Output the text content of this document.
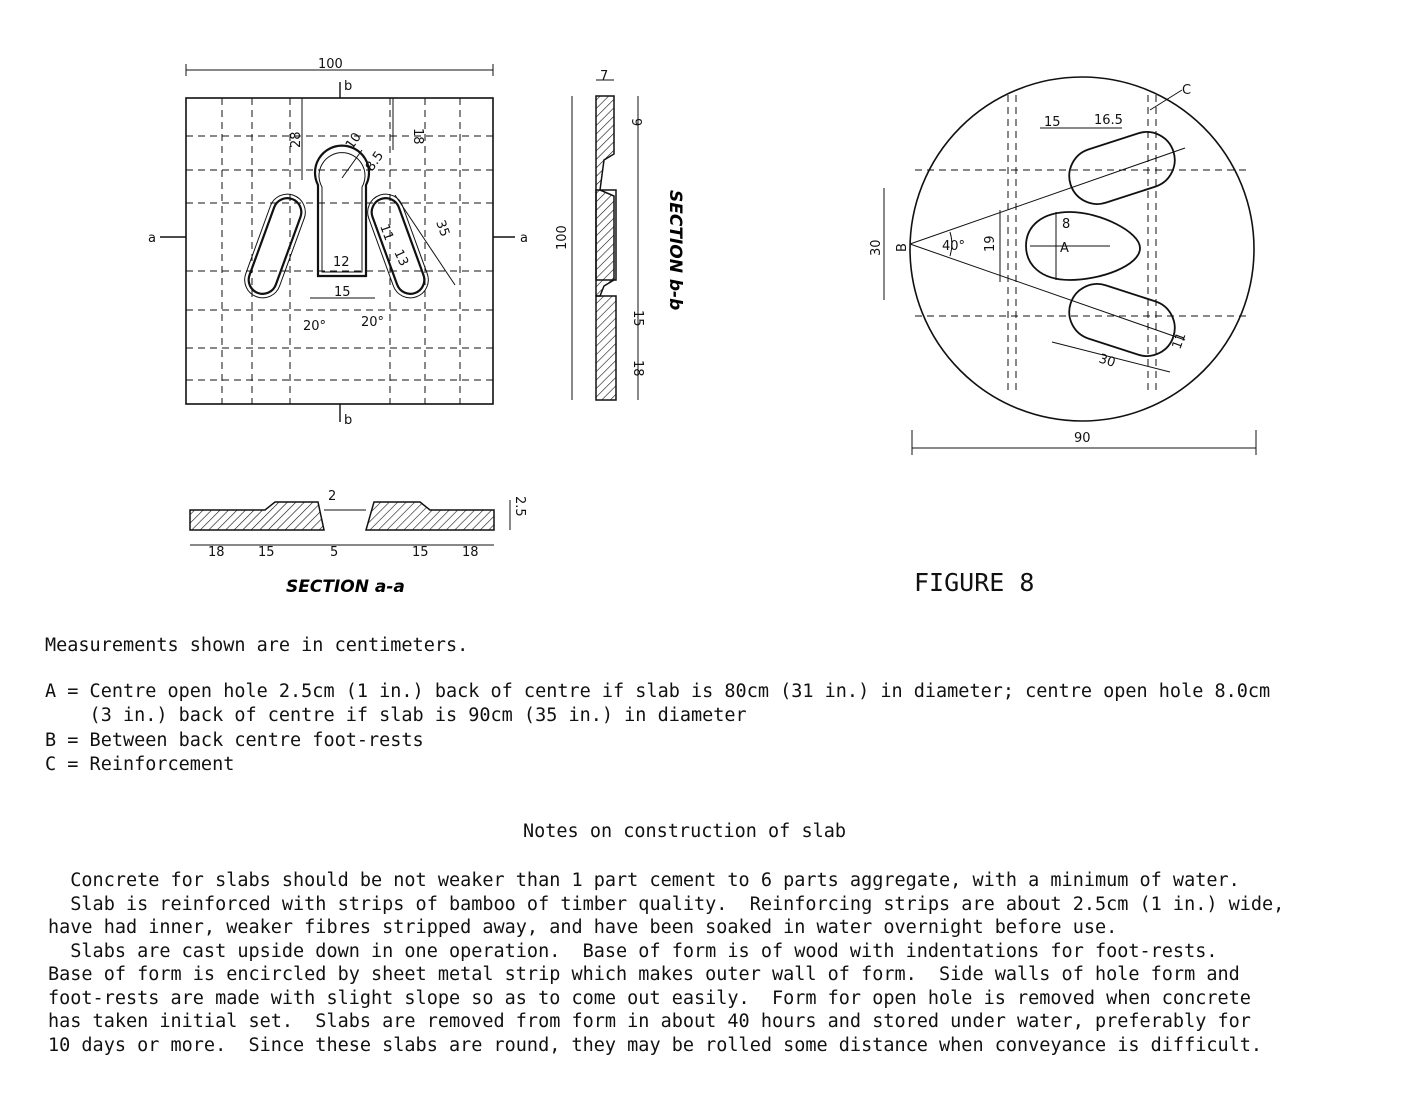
100
b
b
a	a
28	18
10
8.5
12
15
35
11
13
20°	20°
7
9
100
15
18
SECTION b-b
18	15	5
2
15	18
2.5
SECTION a-a
90
30
15	16.5
19
8
30
11
40°	A
B
C
FIGURE 8
Measurements shown are in centimeters.
A = Centre open hole 2.5cm (1 in.) back of centre if slab is 80cm (31 in.) in diameter; centre open hole 8.0cm
(3 in.) back of centre if slab is 90cm (35 in.) in diameter
B = Between back centre foot-rests
C = Reinforcement
Notes on construction of slab
Concrete for slabs should be not weaker than 1 part cement to 6 parts aggregate, with a minimum of water.
Slab is reinforced with strips of bamboo of timber quality.  Reinforcing strips are about 2.5cm (1 in.) wide,
have had inner, weaker fibres stripped away, and have been soaked in water overnight before use.
Slabs are cast upside down in one operation.  Base of form is of wood with indentations for foot-rests.
Base of form is encircled by sheet metal strip which makes outer wall of form.  Side walls of hole form and
foot-rests are made with slight slope so as to come out easily.  Form for open hole is removed when concrete
has taken initial set.  Slabs are removed from form in about 40 hours and stored under water, preferably for
10 days or more.  Since these slabs are round, they may be rolled some distance when conveyance is difficult.
